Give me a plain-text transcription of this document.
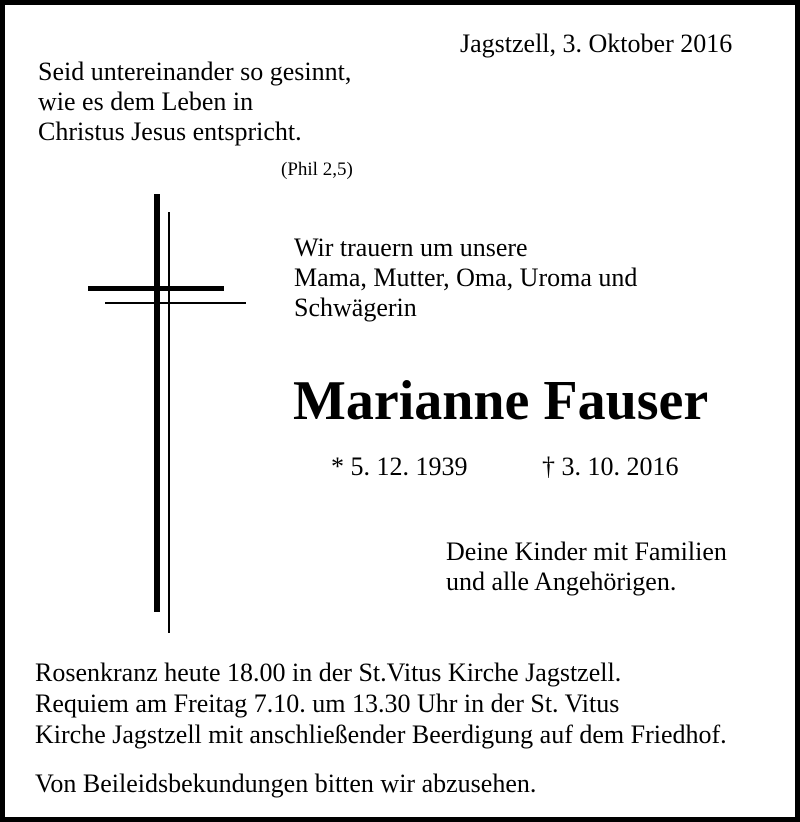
Jagstzell, 3. Oktober 2016
Seid untereinander so gesinnt,
wie es dem Leben in
Christus Jesus entspricht.
(Phil 2,5)
Wir trauern um unsere
Mama, Mutter, Oma, Uroma und
Schwägerin
Marianne Fauser
* 5. 12. 1939	† 3. 10. 2016
Deine Kinder mit Familien
und alle Angehörigen.
Rosenkranz heute 18.00 in der St.Vitus Kirche Jagstzell.
Requiem am Freitag 7.10. um 13.30 Uhr in der St. Vitus
Kirche Jagstzell mit anschließender Beerdigung auf dem Friedhof.
Von Beileidsbekundungen bitten wir abzusehen.
